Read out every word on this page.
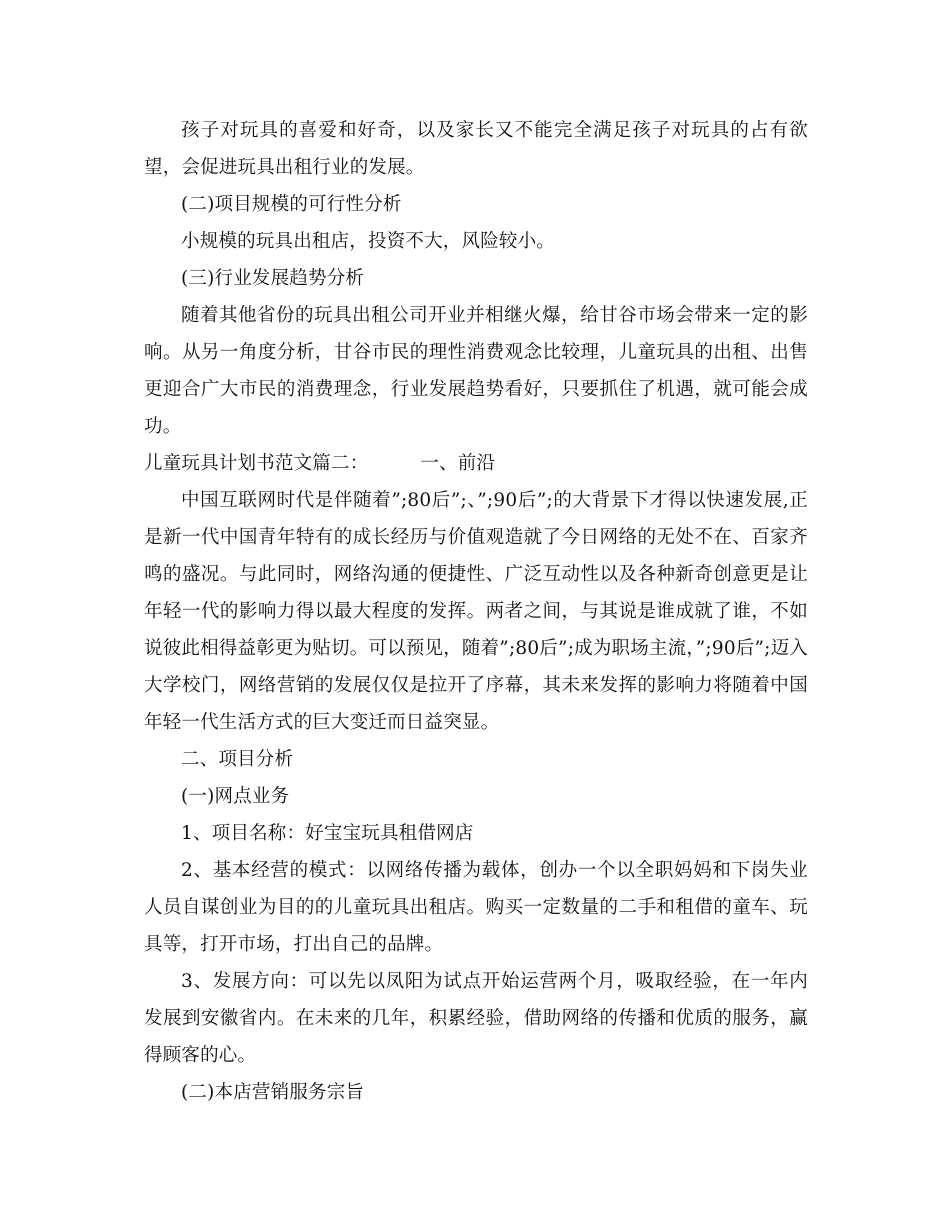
孩子对玩具的喜爱和好奇，以及家长又不能完全满足孩子对玩具的占有欲望，会促进玩具出租行业的发展。

(二)项目规模的可行性分析

小规模的玩具出租店，投资不大，风险较小。

(三)行业发展趋势分析

随着其他省份的玩具出租公司开业并相继火爆，给甘谷市场会带来一定的影响。从另一角度分析，甘谷市民的理性消费观念比较理，儿童玩具的出租、出售更迎合广大市民的消费理念，行业发展趋势看好，只要抓住了机遇，就可能会成功。

儿童玩具计划书范文篇二：	一、前沿

中国互联网时代是伴随着”;80后”;、”;90后”;的大背景下才得以快速发展,正是新一代中国青年特有的成长经历与价值观造就了今日网络的无处不在、百家齐鸣的盛况。与此同时，网络沟通的便捷性、广泛互动性以及各种新奇创意更是让年轻一代的影响力得以最大程度的发挥。两者之间，与其说是谁成就了谁，不如说彼此相得益彰更为贴切。可以预见，随着”;80后”;成为职场主流，”;90后”;迈入大学校门，网络营销的发展仅仅是拉开了序幕，其未来发挥的影响力将随着中国年轻一代生活方式的巨大变迁而日益突显。

二、项目分析

(一)网点业务

1、项目名称：好宝宝玩具租借网店

2、基本经营的模式：以网络传播为载体，创办一个以全职妈妈和下岗失业人员自谋创业为目的的儿童玩具出租店。购买一定数量的二手和租借的童车、玩具等，打开市场，打出自己的品牌。

3、发展方向：可以先以凤阳为试点开始运营两个月，吸取经验，在一年内发展到安徽省内。在未来的几年，积累经验，借助网络的传播和优质的服务，赢得顾客的心。

(二)本店营销服务宗旨
